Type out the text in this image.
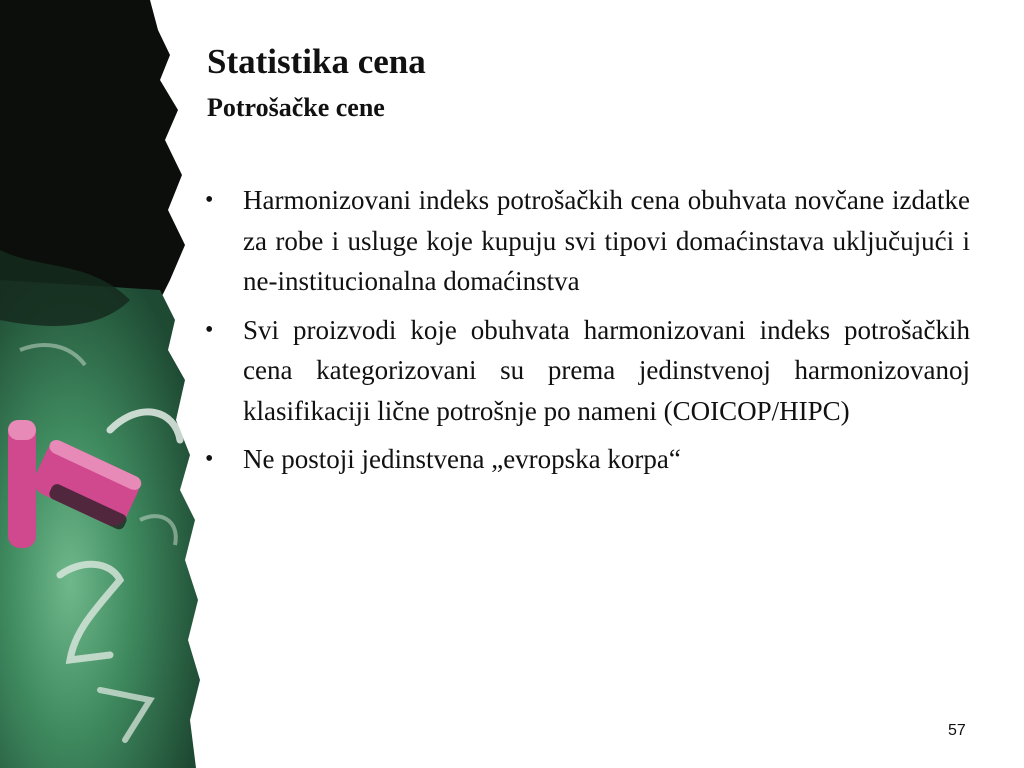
Statistika cena
Potrošačke cene
• Harmonizovani indeks potrošačkih cena obuhvata novčane izdatke za robe i usluge koje kupuju svi tipovi domaćinstava uključujući i ne-institucionalna domaćinstva
• Svi proizvodi koje obuhvata harmonizovani indeks potrošačkih cena kategorizovani su prema jedinstvenoj harmonizovanoj klasifikaciji lične potrošnje po nameni (COICOP/HIPC)
• Ne postoji jedinstvena „evropska korpa“
57
